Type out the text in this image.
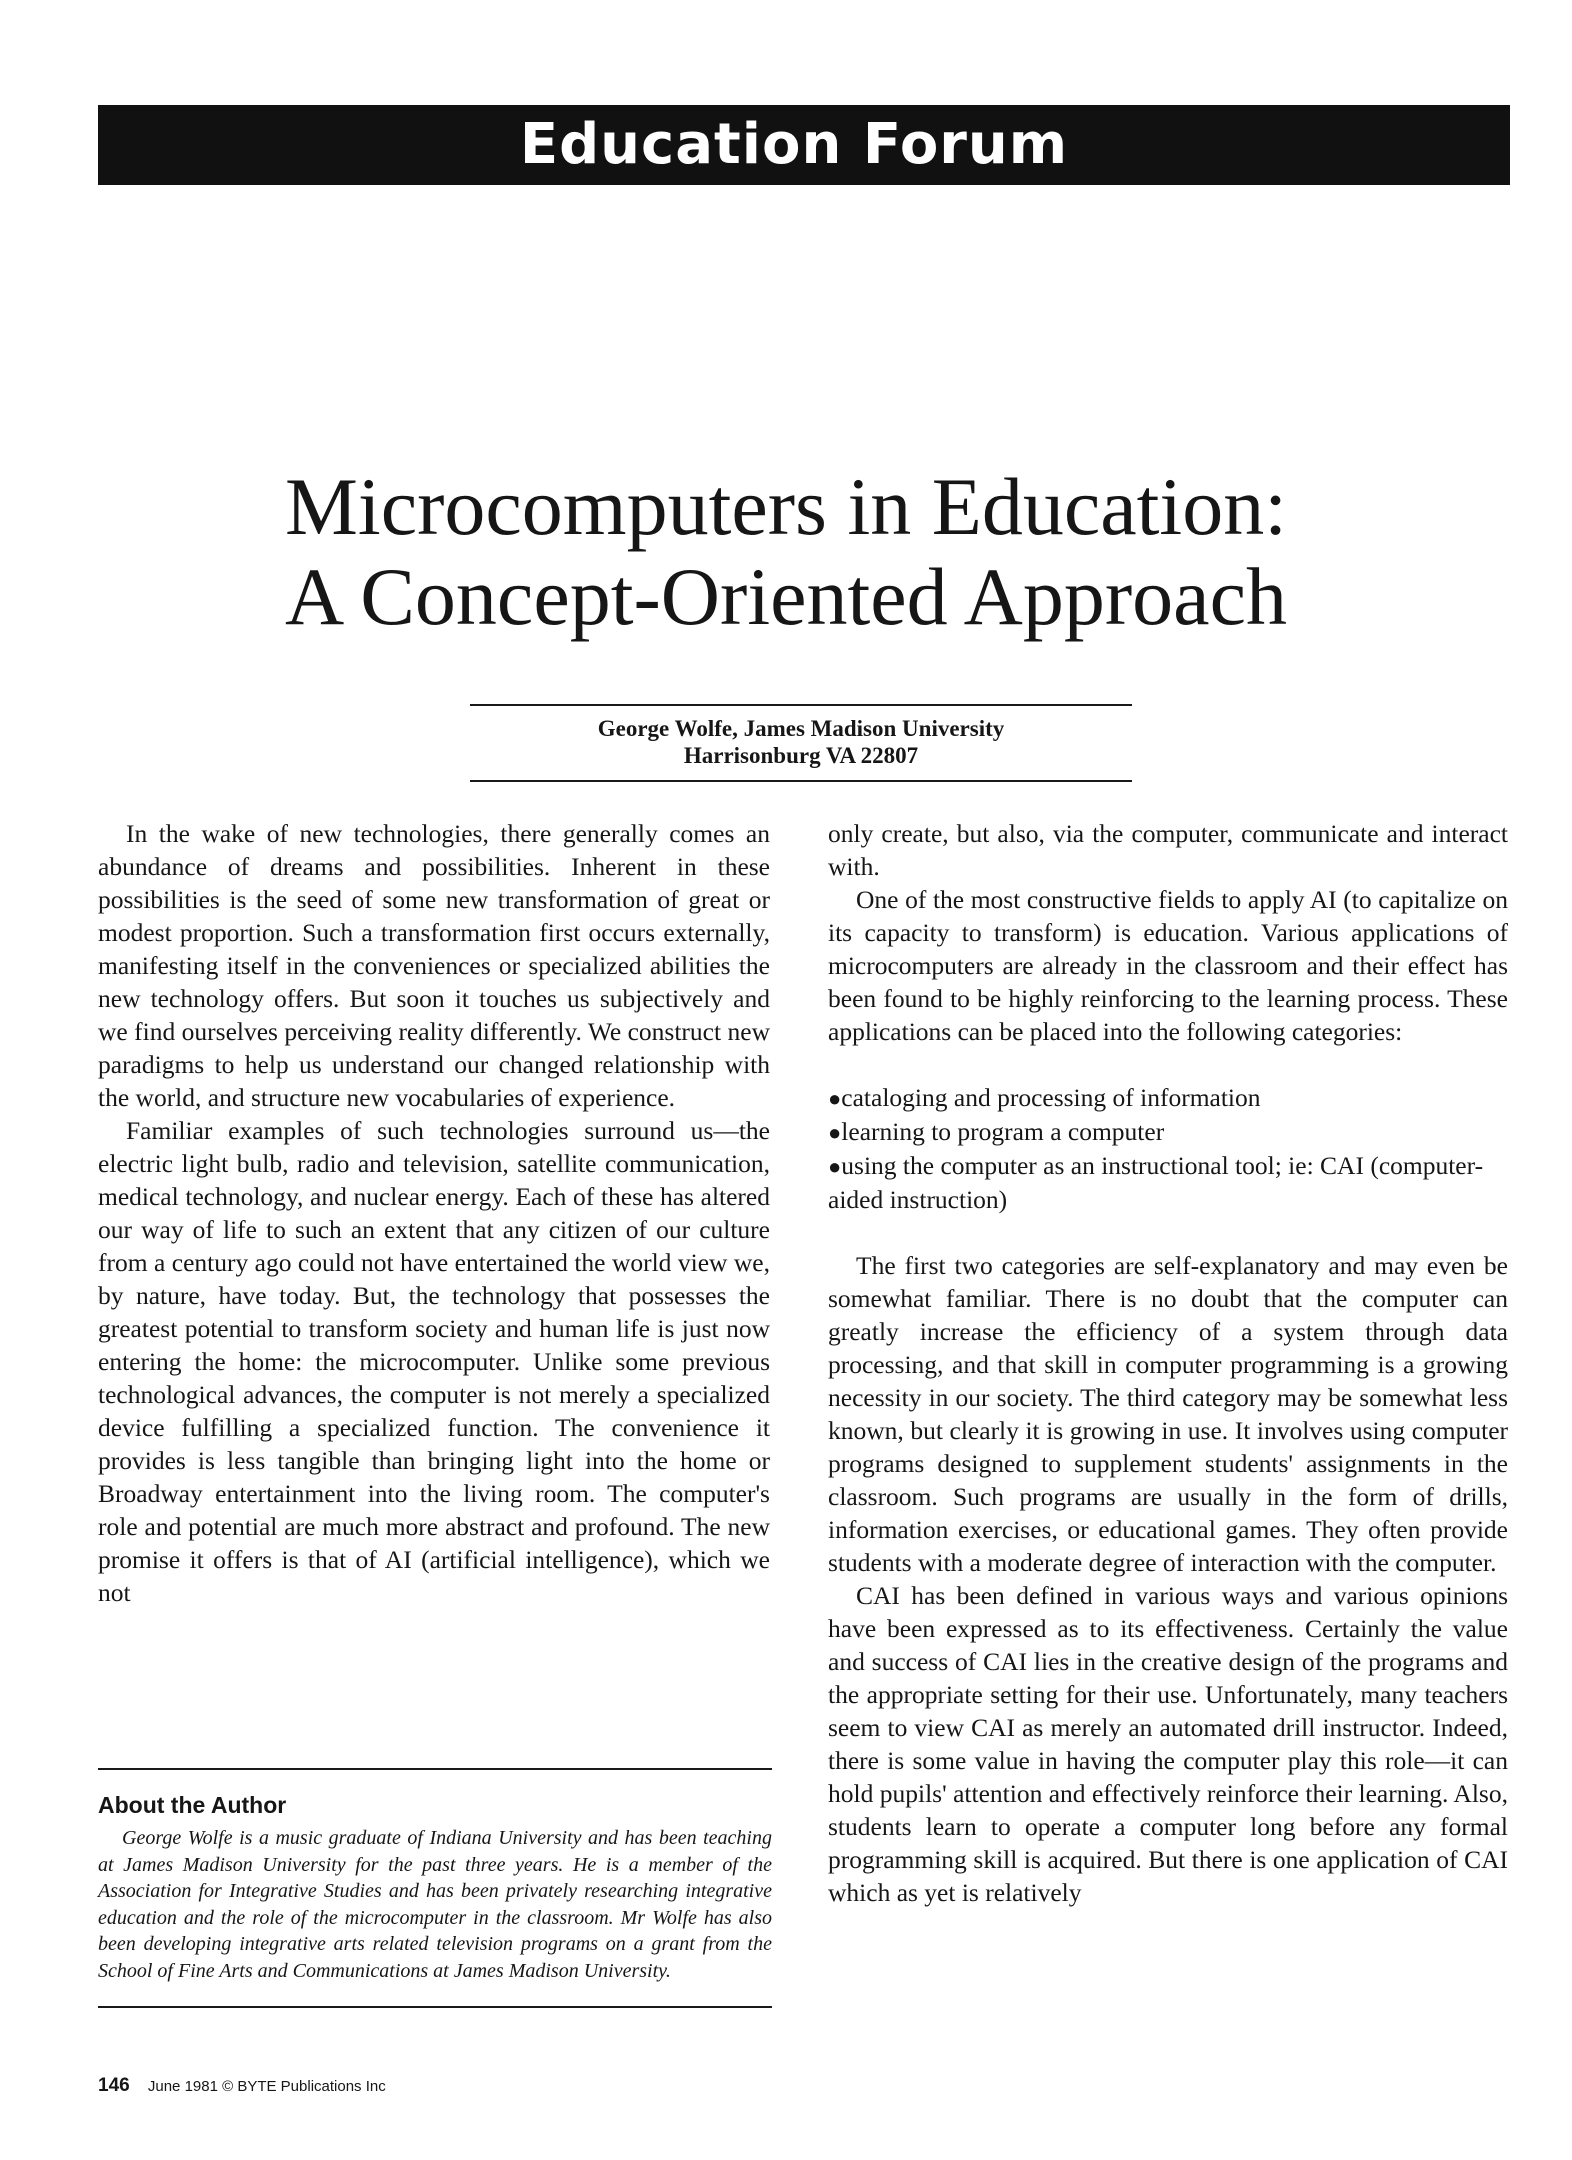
Education Forum
Microcomputers in Education:
A Concept-Oriented Approach
George Wolfe, James Madison University
Harrisonburg VA 22807

In the wake of new technologies, there generally comes an abundance of dreams and possibilities. Inherent in these possibilities is the seed of some new transformation of great or modest proportion. Such a transformation first occurs externally, manifesting itself in the conveniences or specialized abilities the new technology offers. But soon it touches us subjectively and we find ourselves perceiving reality differently. We construct new paradigms to help us understand our changed relationship with the world, and structure new vocabularies of experience.

Familiar examples of such technologies surround us—the electric light bulb, radio and television, satellite communication, medical technology, and nuclear energy. Each of these has altered our way of life to such an extent that any citizen of our culture from a century ago could not have entertained the world view we, by nature, have today. But, the technology that possesses the greatest potential to transform society and human life is just now entering the home: the microcomputer. Unlike some previous technological advances, the computer is not merely a specialized device fulfilling a specialized function. The convenience it provides is less tangible than bringing light into the home or Broadway entertainment into the living room. The computer's role and potential are much more abstract and profound. The new promise it offers is that of AI (artificial intelligence), which we not

About the Author

George Wolfe is a music graduate of Indiana University and has been teaching at James Madison University for the past three years. He is a member of the Association for Integrative Studies and has been privately researching integrative education and the role of the microcomputer in the classroom. Mr Wolfe has also been developing integrative arts related television programs on a grant from the School of Fine Arts and Communications at James Madison University.

only create, but also, via the computer, communicate and interact with.

One of the most constructive fields to apply AI (to capitalize on its capacity to transform) is education. Various applications of microcomputers are already in the classroom and their effect has been found to be highly reinforcing to the learning process. These applications can be placed into the following categories:

●cataloging and processing of information
●learning to program a computer
●using the computer as an instructional tool; ie: CAI (computer-aided instruction)

The first two categories are self-explanatory and may even be somewhat familiar. There is no doubt that the computer can greatly increase the efficiency of a system through data processing, and that skill in computer programming is a growing necessity in our society. The third category may be somewhat less known, but clearly it is growing in use. It involves using computer programs designed to supplement students' assignments in the classroom. Such programs are usually in the form of drills, information exercises, or educational games. They often provide students with a moderate degree of interaction with the computer.

CAI has been defined in various ways and various opinions have been expressed as to its effectiveness. Certainly the value and success of CAI lies in the creative design of the programs and the appropriate setting for their use. Unfortunately, many teachers seem to view CAI as merely an automated drill instructor. Indeed, there is some value in having the computer play this role—it can hold pupils' attention and effectively reinforce their learning. Also, students learn to operate a computer long before any formal programming skill is acquired. But there is one application of CAI which as yet is relatively

146 June 1981 © BYTE Publications Inc
